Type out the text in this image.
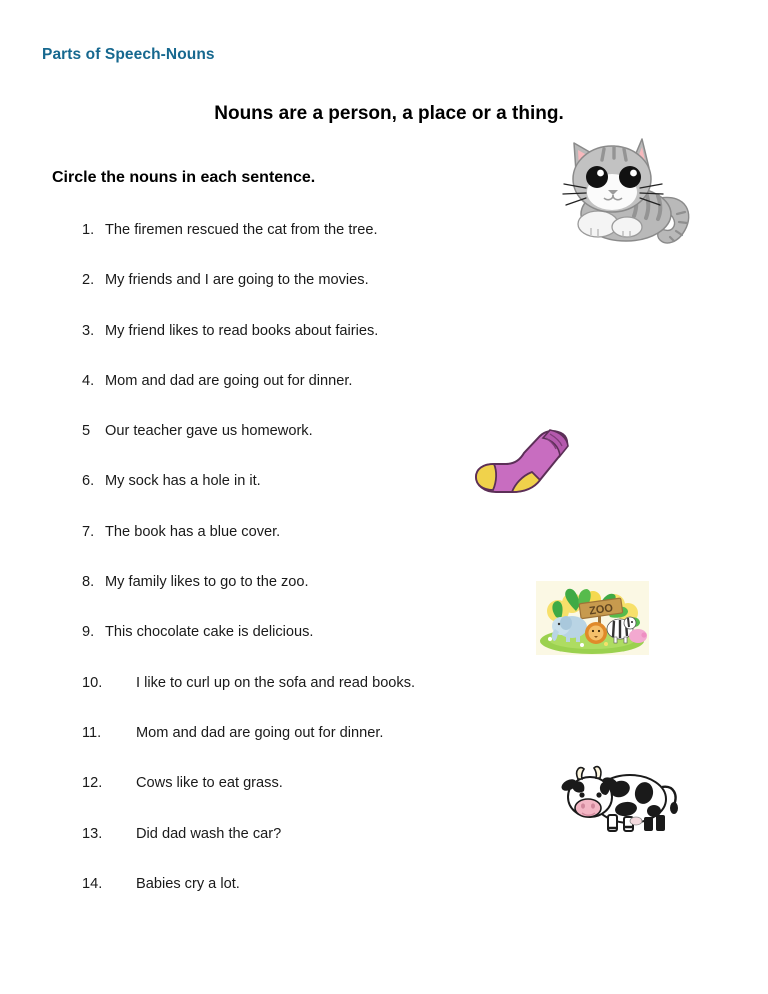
Parts of Speech-Nouns
Nouns are a person, a place or a thing.
Circle the nouns in each sentence.
1. The firemen rescued the cat from the tree.
2. My friends and I are going to the movies.
3. My friend likes to read books about fairies.
4. Mom and dad are going out for dinner.
5 Our teacher gave us homework.
6. My sock has a hole in it.
7. The book has a blue cover.
8. My family likes to go to the zoo.
9. This chocolate cake is delicious.
10. I like to curl up on the sofa and read books.
11. Mom and dad are going out for dinner.
12. Cows like to eat grass.
13. Did dad wash the car?
14. Babies cry a lot.
ZOO
